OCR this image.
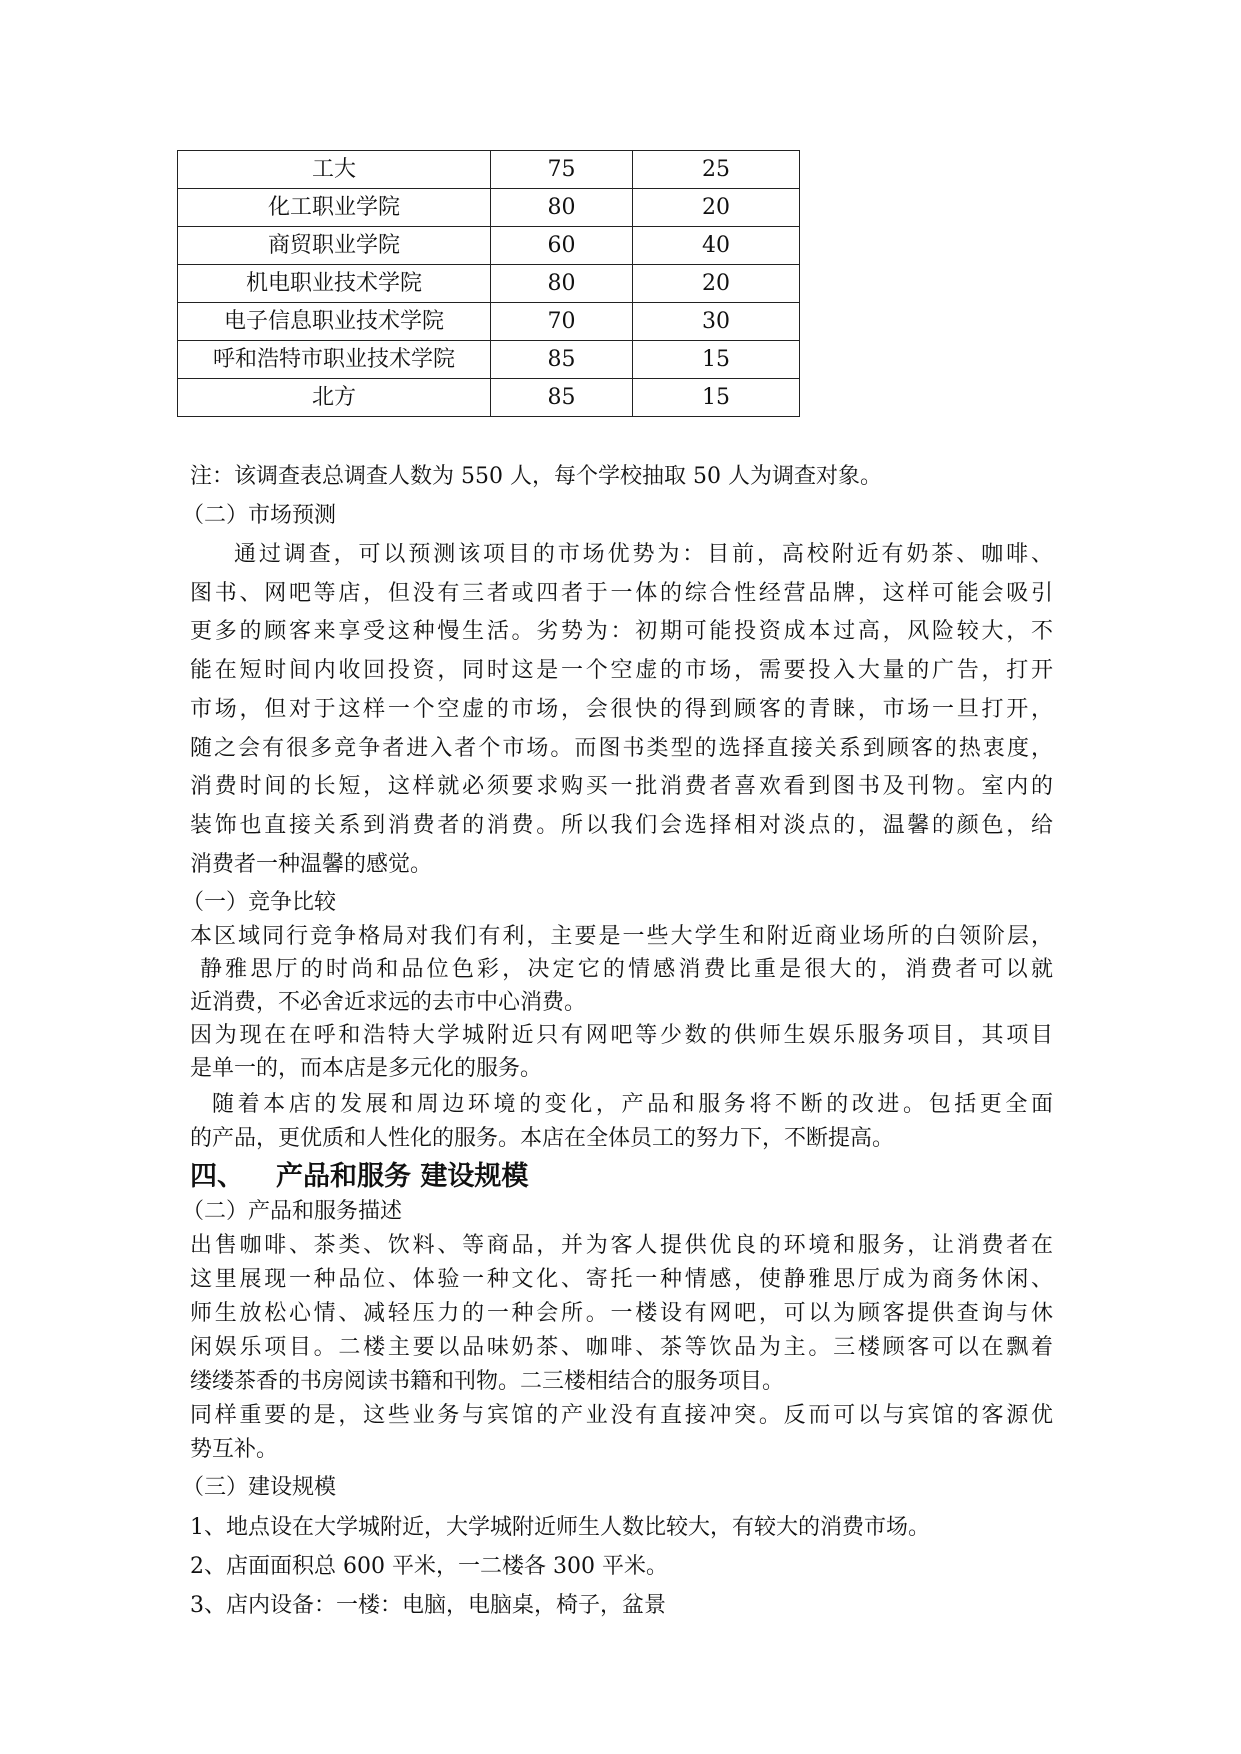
工大	75	25
化工职业学院	80	20
商贸职业学院	60	40
机电职业技术学院	80	20
电子信息职业技术学院	70	30
呼和浩特市职业技术学院	85	15
北方	85	15
注：该调查表总调查人数为 550 人，每个学校抽取 50 人为调查对象。
（二）市场预测
通过调查，可以预测该项目的市场优势为：目前，高校附近有奶茶、咖啡、
图书、网吧等店，但没有三者或四者于一体的综合性经营品牌，这样可能会吸引
更多的顾客来享受这种慢生活。劣势为：初期可能投资成本过高，风险较大，不
能在短时间内收回投资，同时这是一个空虚的市场，需要投入大量的广告，打开
市场，但对于这样一个空虚的市场，会很快的得到顾客的青睐，市场一旦打开，
随之会有很多竞争者进入者个市场。而图书类型的选择直接关系到顾客的热衷度，
消费时间的长短，这样就必须要求购买一批消费者喜欢看到图书及刊物。室内的
装饰也直接关系到消费者的消费。所以我们会选择相对淡点的，温馨的颜色，给
消费者一种温馨的感觉。
（一）竞争比较
本区域同行竞争格局对我们有利，主要是一些大学生和附近商业场所的白领阶层，
静雅思厅的时尚和品位色彩，决定它的情感消费比重是很大的，消费者可以就
近消费，不必舍近求远的去市中心消费。
因为现在在呼和浩特大学城附近只有网吧等少数的供师生娱乐服务项目，其项目
是单一的，而本店是多元化的服务。
随着本店的发展和周边环境的变化，产品和服务将不断的改进。包括更全面
的产品，更优质和人性化的服务。本店在全体员工的努力下，不断提高。
四、 产品和服务 建设规模
（二）产品和服务描述
出售咖啡、茶类、饮料、等商品，并为客人提供优良的环境和服务，让消费者在
这里展现一种品位、体验一种文化、寄托一种情感，使静雅思厅成为商务休闲、
师生放松心情、减轻压力的一种会所。一楼设有网吧，可以为顾客提供查询与休
闲娱乐项目。二楼主要以品味奶茶、咖啡、茶等饮品为主。三楼顾客可以在飘着
缕缕茶香的书房阅读书籍和刊物。二三楼相结合的服务项目。
同样重要的是，这些业务与宾馆的产业没有直接冲突。反而可以与宾馆的客源优
势互补。
（三）建设规模
1、地点设在大学城附近，大学城附近师生人数比较大，有较大的消费市场。
2、店面面积总 600 平米，一二楼各 300 平米。
3、店内设备：一楼：电脑，电脑桌，椅子，盆景
